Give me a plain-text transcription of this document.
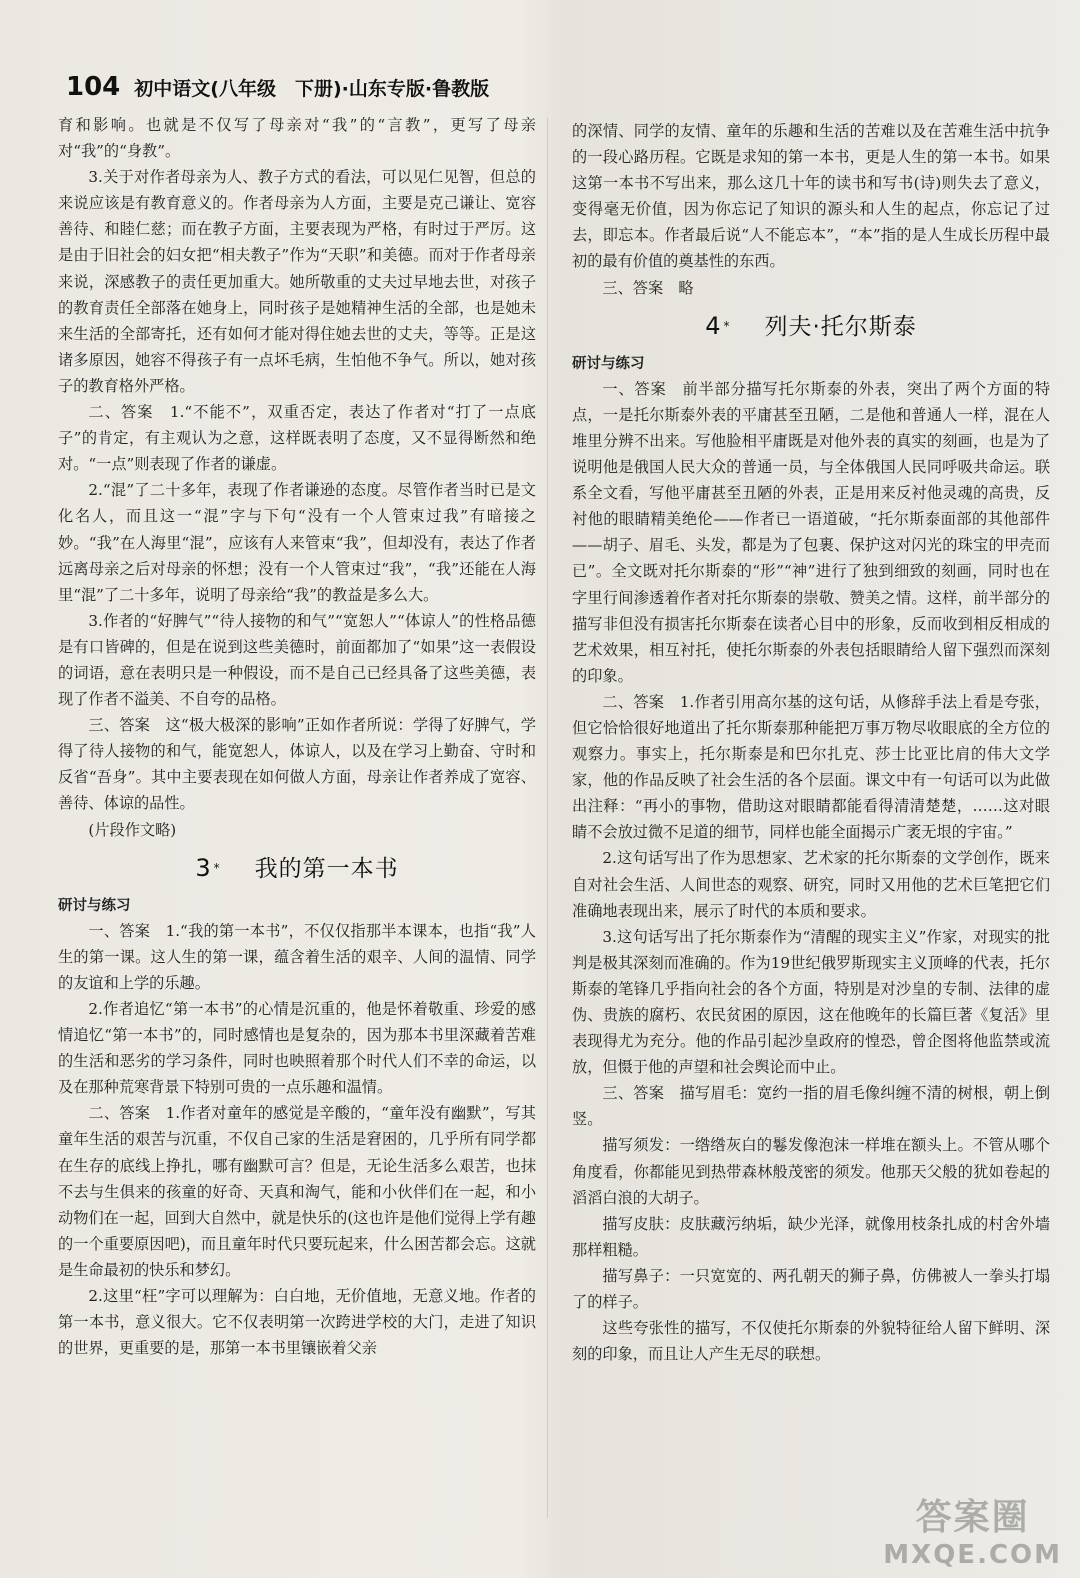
104 初中语文(八年级　下册)·山东专版·鲁教版

育和影响。也就是不仅写了母亲对“我”的“言教”，更写了母亲对“我”的“身教”。

3.关于对作者母亲为人、教子方式的看法，可以见仁见智，但总的来说应该是有教育意义的。作者母亲为人方面，主要是克己谦让、宽容善待、和睦仁慈；而在教子方面，主要表现为严格，有时过于严厉。这是由于旧社会的妇女把“相夫教子”作为“天职”和美德。而对于作者母亲来说，深感教子的责任更加重大。她所敬重的丈夫过早地去世，对孩子的教育责任全部落在她身上，同时孩子是她精神生活的全部，也是她未来生活的全部寄托，还有如何才能对得住她去世的丈夫，等等。正是这诸多原因，她容不得孩子有一点坏毛病，生怕他不争气。所以，她对孩子的教育格外严格。

二、答案　1.“不能不”，双重否定，表达了作者对“打了一点底子”的肯定，有主观认为之意，这样既表明了态度，又不显得断然和绝对。“一点”则表现了作者的谦虚。

2.“混”了二十多年，表现了作者谦逊的态度。尽管作者当时已是文化名人，而且这一“混”字与下句“没有一个人管束过我”有暗接之妙。“我”在人海里“混”，应该有人来管束“我”，但却没有，表达了作者远离母亲之后对母亲的怀想；没有一个人管束过“我”，“我”还能在人海里“混”了二十多年，说明了母亲给“我”的教益是多么大。

3.作者的“好脾气”“待人接物的和气”“宽恕人”“体谅人”的性格品德是有口皆碑的，但是在说到这些美德时，前面都加了“如果”这一表假设的词语，意在表明只是一种假设，而不是自己已经具备了这些美德，表现了作者不溢美、不自夸的品格。

三、答案　这“极大极深的影响”正如作者所说：学得了好脾气，学得了待人接物的和气，能宽恕人，体谅人，以及在学习上勤奋、守时和反省“吾身”。其中主要表现在如何做人方面，母亲让作者养成了宽容、善待、体谅的品性。

(片段作文略)

3 * 我的第一本书
研讨与练习

一、答案　1.“我的第一本书”，不仅仅指那半本课本，也指“我”人生的第一课。这人生的第一课，蕴含着生活的艰辛、人间的温情、同学的友谊和上学的乐趣。

2.作者追忆“第一本书”的心情是沉重的，他是怀着敬重、珍爱的感情追忆“第一本书”的，同时感情也是复杂的，因为那本书里深藏着苦难的生活和恶劣的学习条件，同时也映照着那个时代人们不幸的命运，以及在那种荒寒背景下特别可贵的一点乐趣和温情。

二、答案　1.作者对童年的感觉是辛酸的，“童年没有幽默”，写其童年生活的艰苦与沉重，不仅自己家的生活是窘困的，几乎所有同学都在生存的底线上挣扎，哪有幽默可言？但是，无论生活多么艰苦，也抹不去与生俱来的孩童的好奇、天真和淘气，能和小伙伴们在一起，和小动物们在一起，回到大自然中，就是快乐的(这也许是他们觉得上学有趣的一个重要原因吧)，而且童年时代只要玩起来，什么困苦都会忘。这就是生命最初的快乐和梦幻。

2.这里“枉”字可以理解为：白白地，无价值地，无意义地。作者的第一本书，意义很大。它不仅表明第一次跨进学校的大门，走进了知识的世界，更重要的是，那第一本书里镶嵌着父亲

的深情、同学的友情、童年的乐趣和生活的苦难以及在苦难生活中抗争的一段心路历程。它既是求知的第一本书，更是人生的第一本书。如果这第一本书不写出来，那么这几十年的读书和写书(诗)则失去了意义，变得毫无价值，因为你忘记了知识的源头和人生的起点，你忘记了过去，即忘本。作者最后说“人不能忘本”，“本”指的是人生成长历程中最初的最有价值的奠基性的东西。

三、答案　略

4 * 列夫·托尔斯泰
研讨与练习

一、答案　前半部分描写托尔斯泰的外表，突出了两个方面的特点，一是托尔斯泰外表的平庸甚至丑陋，二是他和普通人一样，混在人堆里分辨不出来。写他脸相平庸既是对他外表的真实的刻画，也是为了说明他是俄国人民大众的普通一员，与全体俄国人民同呼吸共命运。联系全文看，写他平庸甚至丑陋的外表，正是用来反衬他灵魂的高贵，反衬他的眼睛精美绝伦——作者已一语道破，“托尔斯泰面部的其他部件——胡子、眉毛、头发，都是为了包裹、保护这对闪光的珠宝的甲壳而已”。全文既对托尔斯泰的“形”“神”进行了独到细致的刻画，同时也在字里行间渗透着作者对托尔斯泰的崇敬、赞美之情。这样，前半部分的描写非但没有损害托尔斯泰在读者心目中的形象，反而收到相反相成的艺术效果，相互衬托，使托尔斯泰的外表包括眼睛给人留下强烈而深刻的印象。

二、答案　1.作者引用高尔基的这句话，从修辞手法上看是夸张，但它恰恰很好地道出了托尔斯泰那种能把万事万物尽收眼底的全方位的观察力。事实上，托尔斯泰是和巴尔扎克、莎士比亚比肩的伟大文学家，他的作品反映了社会生活的各个层面。课文中有一句话可以为此做出注释：“再小的事物，借助这对眼睛都能看得清清楚楚，……这对眼睛不会放过微不足道的细节，同样也能全面揭示广袤无垠的宇宙。”

2.这句话写出了作为思想家、艺术家的托尔斯泰的文学创作，既来自对社会生活、人间世态的观察、研究，同时又用他的艺术巨笔把它们准确地表现出来，展示了时代的本质和要求。

3.这句话写出了托尔斯泰作为“清醒的现实主义”作家，对现实的批判是极其深刻而准确的。作为19世纪俄罗斯现实主义顶峰的代表，托尔斯泰的笔锋几乎指向社会的各个方面，特别是对沙皇的专制、法律的虚伪、贵族的腐朽、农民贫困的原因，这在他晚年的长篇巨著《复活》里表现得尤为充分。他的作品引起沙皇政府的惶恐，曾企图将他监禁或流放，但慑于他的声望和社会舆论而中止。

三、答案　描写眉毛：宽约一指的眉毛像纠缠不清的树根，朝上倒竖。

描写须发：一绺绺灰白的鬈发像泡沫一样堆在额头上。不管从哪个角度看，你都能见到热带森林般茂密的须发。他那天父般的犹如卷起的滔滔白浪的大胡子。

描写皮肤：皮肤藏污纳垢，缺少光泽，就像用枝条扎成的村舍外墙那样粗糙。

描写鼻子：一只宽宽的、两孔朝天的狮子鼻，仿佛被人一拳头打塌了的样子。

这些夸张性的描写，不仅使托尔斯泰的外貌特征给人留下鲜明、深刻的印象，而且让人产生无尽的联想。

答案圈
MXQE.COM
